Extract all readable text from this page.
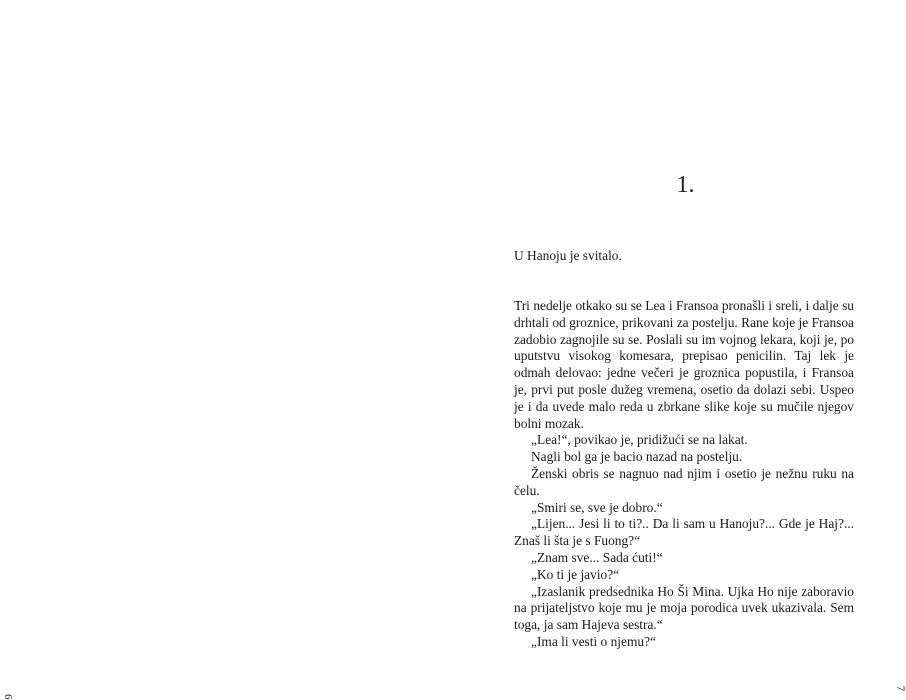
6
1.
U Hanoju je svitalo.

Tri nedelje otkako su se Lea i Fransoa pronašli i sreli, i dalje su drhtali od groznice, prikovani za postelju. Rane koje je Fransoa zadobio zagnojile su se. Poslali su im vojnog lekara, koji je, po uputstvu visokog komesara, prepisao penicilin. Taj lek je odmah delovao: jedne večeri je groznica popustila, i Fransoa je, prvi put posle dužeg vremena, osetio da dolazi sebi. Uspeo je i da uvede malo reda u zbrkane slike koje su mučile njegov bolni mozak.

„Lea!“, povikao je, pridižući se na lakat.

Nagli bol ga je bacio nazad na postelju.

Ženski obris se nagnuo nad njim i osetio je nežnu ruku na čelu.

„Smiri se, sve je dobro.“

„Lijen... Jesi li to ti?.. Da li sam u Hanoju?... Gde je Haj?... Znaš li šta je s Fuong?“

„Znam sve... Sada ćuti!“

„Ko ti je javio?“

„Izaslanik predsednika Ho Ši Mina. Ujka Ho nije zaboravio na prijateljstvo koje mu je moja porodica uvek ukazivala. Sem toga, ja sam Hajeva sestra.“

„Ima li vesti o njemu?“

7
